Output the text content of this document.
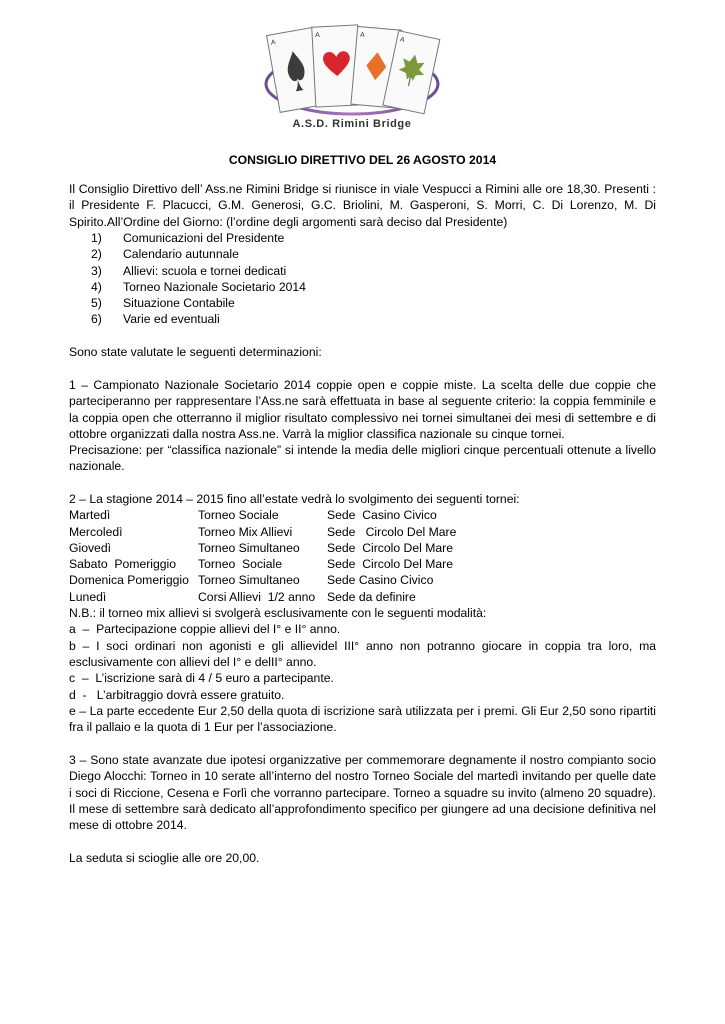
A
A	A
A
A.S.D. Rimini Bridge
CONSIGLIO DIRETTIVO DEL 26 AGOSTO 2014

Il Consiglio Direttivo dell’ Ass.ne Rimini Bridge si riunisce in viale Vespucci a Rimini alle ore 18,30. Presenti : il Presidente F. Placucci, G.M. Generosi, G.C. Briolini, M. Gasperoni, S. Morri, C. Di Lorenzo, M. Di Spirito.All’Ordine del Giorno: (l’ordine degli argomenti sarà deciso dal Presidente)

1)	Comunicazioni del Presidente
2)	Calendario autunnale
3)	Allievi: scuola e tornei dedicati
4)	Torneo Nazionale Societario 2014
5)	Situazione Contabile
6)	Varie ed eventuali

Sono state valutate le seguenti determinazioni:

1 – Campionato Nazionale Societario 2014 coppie open e coppie miste. La scelta delle due coppie che parteciperanno per rappresentare l’Ass.ne sarà effettuata in base al seguente criterio: la coppia femminile e la coppia open che otterranno il miglior risultato complessivo nei tornei simultanei dei mesi di settembre e di ottobre organizzati dalla nostra Ass.ne. Varrà la miglior classifica nazionale su cinque tornei.

Precisazione: per “classifica nazionale” si intende la media delle migliori cinque percentuali ottenute a livello nazionale.

2 – La stagione 2014 – 2015 fino all’estate vedrà lo svolgimento dei seguenti tornei:

Martedì	Torneo Sociale	Sede  Casino Civico
Mercoledì	Torneo Mix Allievi	Sede   Circolo Del Mare
Giovedì	Torneo Simultaneo	Sede  Circolo Del Mare
Sabato  Pomeriggio	Torneo  Sociale	Sede  Circolo Del Mare
Domenica Pomeriggio	Torneo Simultaneo	Sede Casino Civico
Lunedì	Corsi Allievi  1/2 anno	Sede da definire

N.B.: il torneo mix allievi si svolgerà esclusivamente con le seguenti modalità:

a  –  Partecipazione coppie allievi del I° e II° anno.

b – I soci ordinari non agonisti e gli allievidel III° anno non potranno giocare in coppia tra loro, ma esclusivamente con allievi del I° e delII° anno.

c  –  L’iscrizione sarà di 4 / 5 euro a partecipante.

d  -   L’arbitraggio dovrà essere gratuito.

e – La parte eccedente Eur 2,50 della quota di iscrizione sarà utilizzata per i premi. Gli Eur 2,50 sono ripartiti fra il pallaio e la quota di 1 Eur per l’associazione.

3 – Sono state avanzate due ipotesi organizzative per commemorare degnamente il nostro compianto socio Diego Alocchi: Torneo in 10 serate all’interno del nostro Torneo Sociale del martedì invitando per quelle date i soci di Riccione, Cesena e Forlì che vorranno partecipare. Torneo a squadre su invito (almeno 20 squadre). Il mese di settembre sarà dedicato all’approfondimento specifico per giungere ad una decisione definitiva nel mese di ottobre 2014.

La seduta si scioglie alle ore 20,00.
